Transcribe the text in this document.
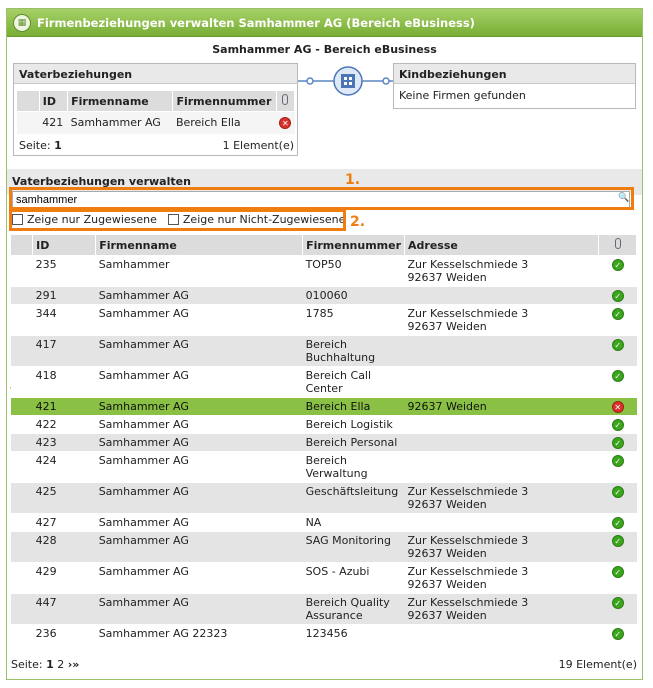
▦ Firmenbeziehungen verwalten Samhammer AG (Bereich eBusiness)
Samhammer AG - Bereich eBusiness
Vaterbeziehungen
	ID	Firmenname	Firmennummer	
	421	Samhammer AG	Bereich Ella	✕
Seite: 1	1 Element(e)
Kindbeziehungen
Keine Firmen gefunden
Vaterbeziehungen verwalten
samhammer
🔍
1.
Zeige nur Zugewiesene Zeige nur Nicht-Zugewiesene 2.
	ID	Firmenname	Firmennummer	Adresse	
	235	Samhammer	TOP50	Zur Kesselschmiede 3
92637 Weiden	✓
	291	Samhammer AG	010060		✓
	344	Samhammer AG	1785	Zur Kesselschmiede 3
92637 Weiden	✓
	417	Samhammer AG	Bereich
Buchhaltung		✓
	418	Samhammer AG	Bereich Call
Center		✓
	421	Samhammer AG	Bereich Ella	92637 Weiden	✕
	422	Samhammer AG	Bereich Logistik		✓
	423	Samhammer AG	Bereich Personal		✓
	424	Samhammer AG	Bereich
Verwaltung		✓
	425	Samhammer AG	Geschäftsleitung	Zur Kesselschmiede 3
92637 Weiden	✓
	427	Samhammer AG	NA		✓
	428	Samhammer AG	SAG Monitoring	Zur Kesselschmiede 3
92637 Weiden	✓
	429	Samhammer AG	SOS - Azubi	Zur Kesselschmiede 3
92637 Weiden	✓
	447	Samhammer AG	Bereich Quality
Assurance	Zur Kesselschmiede 3
92637 Weiden	✓
	236	Samhammer AG 22323	123456		✓
Seite: 1 2 ›»	19 Element(e)
